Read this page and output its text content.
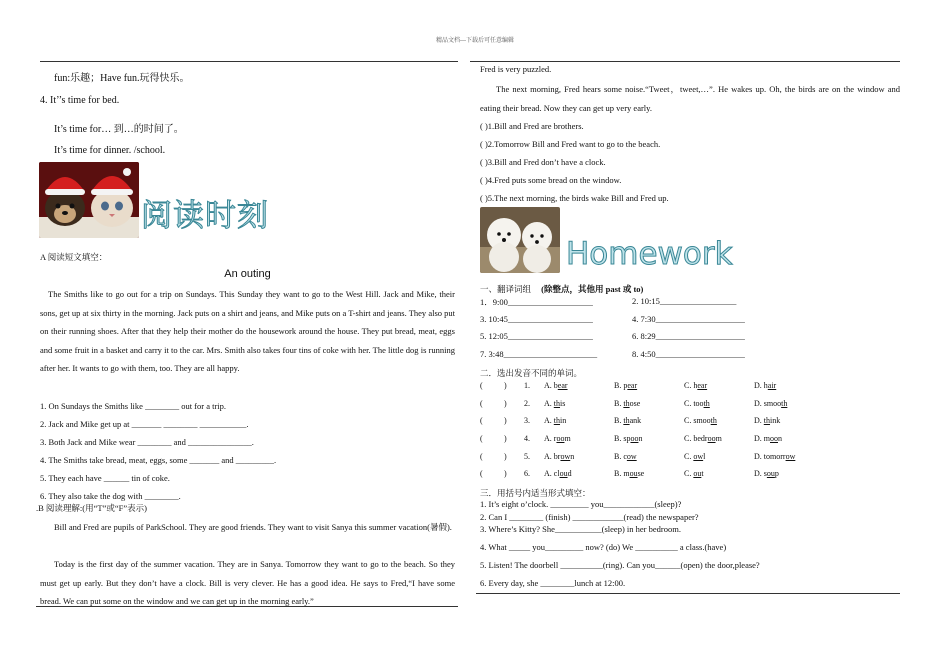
精品文档---下载后可任意编辑
fun:乐趣；Have fun.玩得快乐。
4. It’’s time for bed.
It’s time for… 到…的时间了。
It’s time for dinner. /school.
阅读时刻
A 阅读短文填空：
An outing
The Smiths like to go out for a trip on Sundays. This Sunday they want to go to the West Hill. Jack and Mike, their sons, get up at six thirty in the morning. Jack puts on a shirt and jeans, and Mike puts on a T-shirt and jeans. They also put on their running shoes. After that they help their mother do the housework around the house. They put bread, meat, eggs and some fruit in a basket and carry it to the car. Mrs. Smith also takes four tins of coke with her. The little dog is running after her. It wants to go with them, too. They are all happy.
1. On Sundays the Smiths like ________ out for a trip.
2. Jack and Mike get up at _______ ________ ___________.
3. Both Jack and Mike wear ________ and _______________.
4. The Smiths take bread, meat, eggs, some _______ and _________.
5. They each have ______ tin of coke.
6. They also take the dog with ________.
.B 阅读理解:(用“T”或“F”表示)
Bill and Fred are pupils of ParkSchool. They are good friends. They want to visit Sanya this summer vacation(暑假).
Today is the first day of the summer vacation. They are in Sanya. Tomorrow they want to go to the beach. So they must get up early. But they don’t have a clock. Bill is very clever. He has a good idea. He says to Fred,“I have some bread. We can put some on the window and we can get up in the morning early.”
Fred is very puzzled.
The next morning, Fred hears some noise.“Tweet，tweet,…”. He wakes up. Oh, the birds are on the window and eating their bread. Now they can get up very early.
( )1.Bill and Fred are brothers.
( )2.Tomorrow Bill and Fred want to go to the beach.
( )3.Bill and Fred don’t have a clock.
( )4.Fred puts some bread on the window.
( )5.The next morning, the birds wake Bill and Fred up.
Homework
一、翻译词组 (除整点，其他用 past 或 to)
1．9:00____________________	2. 10:15__________________
3. 10:45____________________	4. 7:30_____________________
5. 12:05____________________	6. 8:29_____________________
7. 3:48______________________	8. 4:50_____________________
二．选出发音不同的单词。
(	)	1.	A. bear	B. pear	C. hear	D. hair
(	)	2.	A. this	B. those	C. tooth	D. smooth
(	)	3.	A. thin	B. thank	C. smooth	D. think
(	)	4.	A. room	B. spoon	C. bedroom	D. moon
(	)	5.	A. brown	B. cow	C. owl	D. tomorrow
(	)	6.	A. cloud	B. mouse	C. out	D. soup
三．用括号内适当形式填空：
1. It’s eight o’clock. _________ you____________(sleep)?
2. Can I ________ (finish) ____________(read) the newspaper?
3. Where’s Kitty? She___________(sleep) in her bedroom.
4. What _____ you_________ now? (do) We __________ a class.(have)
5. Listen! The doorbell __________(ring). Can you______(open) the door,please?
6. Every day, she ________lunch at 12:00.
